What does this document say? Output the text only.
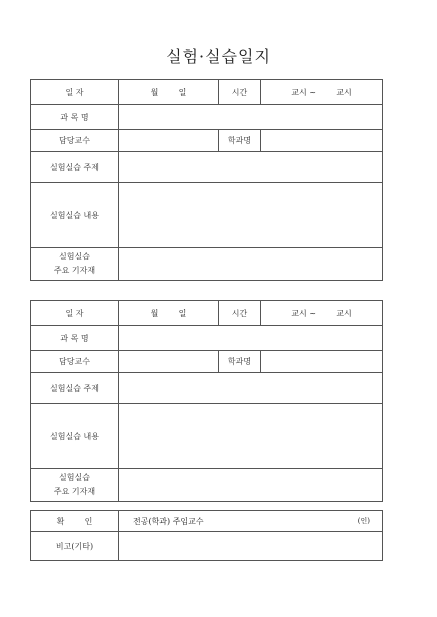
실험·실습일지
일 자	월        일	시간	교시 ~        교시
과 목 명			
담당교수		학과명	
실험실습 주제			
실험실습 내용			

실험실습
주요 기자재			

일 자	월        일	시간	교시 ~        교시
과 목 명			
담당교수		학과명	
실험실습 주제			
실험실습 내용			

실험실습
주요 기자재			

확        인	전공(학과) 주임교수 (인)

비고(기타)	
